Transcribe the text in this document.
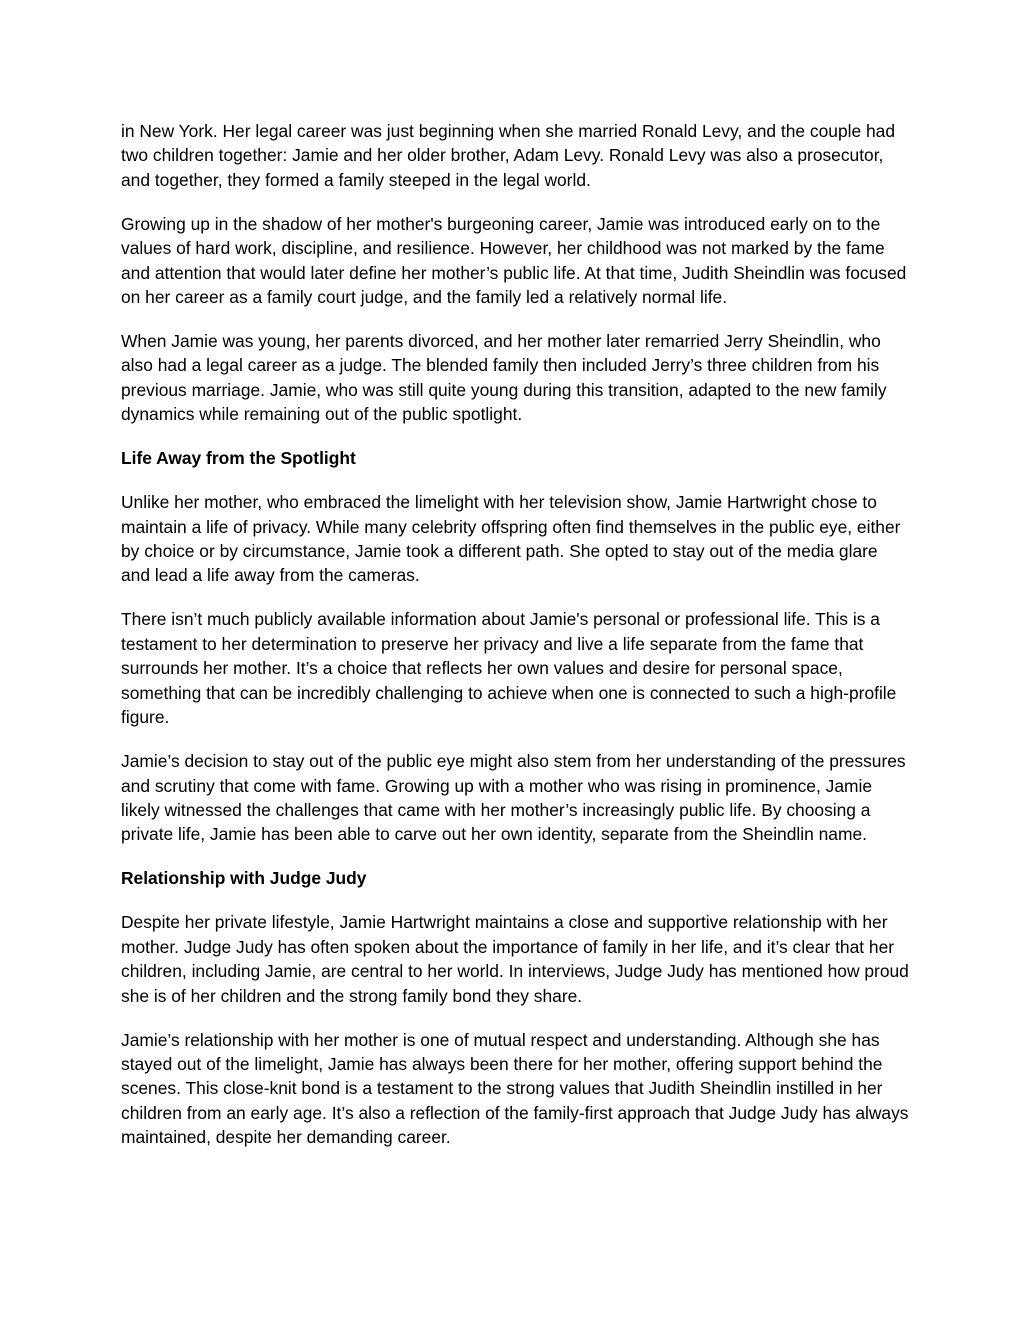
in New York. Her legal career was just beginning when she married Ronald Levy, and the couple had two children together: Jamie and her older brother, Adam Levy. Ronald Levy was also a prosecutor, and together, they formed a family steeped in the legal world.

Growing up in the shadow of her mother's burgeoning career, Jamie was introduced early on to the values of hard work, discipline, and resilience. However, her childhood was not marked by the fame and attention that would later define her mother’s public life. At that time, Judith Sheindlin was focused on her career as a family court judge, and the family led a relatively normal life.

When Jamie was young, her parents divorced, and her mother later remarried Jerry Sheindlin, who also had a legal career as a judge. The blended family then included Jerry’s three children from his previous marriage. Jamie, who was still quite young during this transition, adapted to the new family dynamics while remaining out of the public spotlight.

Life Away from the Spotlight

Unlike her mother, who embraced the limelight with her television show, Jamie Hartwright chose to maintain a life of privacy. While many celebrity offspring often find themselves in the public eye, either by choice or by circumstance, Jamie took a different path. She opted to stay out of the media glare and lead a life away from the cameras.

There isn’t much publicly available information about Jamie's personal or professional life. This is a testament to her determination to preserve her privacy and live a life separate from the fame that surrounds her mother. It’s a choice that reflects her own values and desire for personal space, something that can be incredibly challenging to achieve when one is connected to such a high-profile figure.

Jamie’s decision to stay out of the public eye might also stem from her understanding of the pressures and scrutiny that come with fame. Growing up with a mother who was rising in prominence, Jamie likely witnessed the challenges that came with her mother’s increasingly public life. By choosing a private life, Jamie has been able to carve out her own identity, separate from the Sheindlin name.

Relationship with Judge Judy

Despite her private lifestyle, Jamie Hartwright maintains a close and supportive relationship with her mother. Judge Judy has often spoken about the importance of family in her life, and it’s clear that her children, including Jamie, are central to her world. In interviews, Judge Judy has mentioned how proud she is of her children and the strong family bond they share.

Jamie’s relationship with her mother is one of mutual respect and understanding. Although she has stayed out of the limelight, Jamie has always been there for her mother, offering support behind the scenes. This close-knit bond is a testament to the strong values that Judith Sheindlin instilled in her children from an early age. It’s also a reflection of the family-first approach that Judge Judy has always maintained, despite her demanding career.
